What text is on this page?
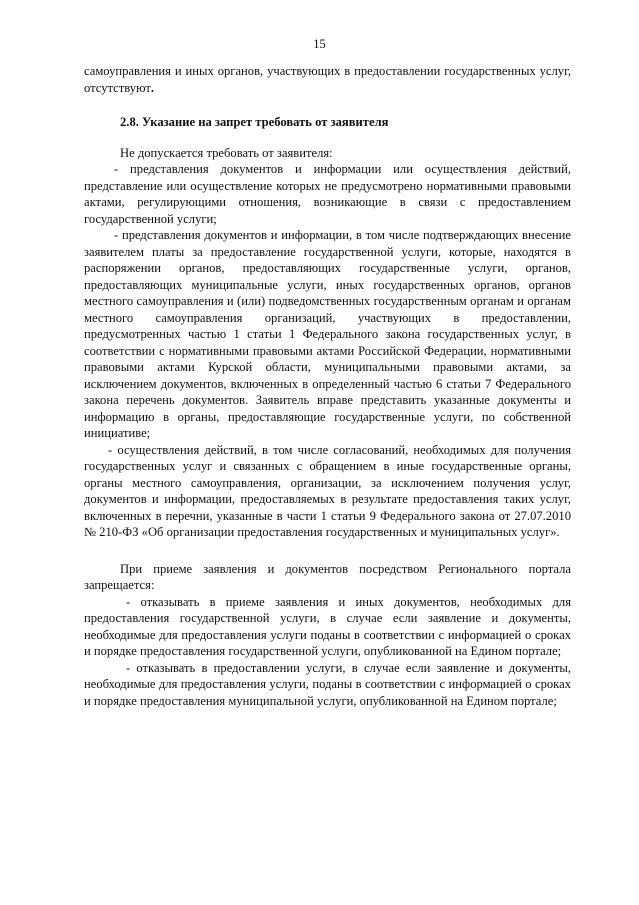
15

самоуправления и иных органов, участвующих в предоставлении государственных услуг, отсутствуют.

2.8. Указание на запрет требовать от заявителя

Не допускается требовать от заявителя:

- представления документов и информации или осуществления действий, представление или осуществление которых не предусмотрено нормативными правовыми актами, регулирующими отношения, возникающие в связи с предоставлением государственной услуги;

- представления документов и информации, в том числе подтверждающих внесение заявителем платы за предоставление государственной услуги, которые, находятся в распоряжении органов, предоставляющих государственные услуги, органов, предоставляющих муниципальные услуги, иных государственных органов, органов местного самоуправления и (или) подведомственных государственным органам и органам местного самоуправления организаций, участвующих в предоставлении, предусмотренных частью 1 статьи 1 Федерального закона государственных услуг, в соответствии с нормативными правовыми актами Российской Федерации, нормативными правовыми актами Курской области, муниципальными правовыми актами, за исключением документов, включенных в определенный частью 6 статьи 7 Федерального закона перечень документов. Заявитель вправе представить указанные документы и информацию в органы, предоставляющие государственные услуги, по собственной инициативе;

- осуществления действий, в том числе согласований, необходимых для получения государственных услуг и связанных с обращением в иные государственные органы, органы местного самоуправления, организации, за исключением получения услуг, документов и информации, предоставляемых в результате предоставления таких услуг, включенных в перечни, указанные в части 1 статьи 9 Федерального закона от 27.07.2010 № 210-ФЗ «Об организации предоставления государственных и муниципальных услуг».

При приеме заявления и документов посредством Регионального портала запрещается:

- отказывать в приеме заявления и иных документов, необходимых для предоставления государственной услуги, в случае если заявление и документы, необходимые для предоставления услуги поданы в соответствии с информацией о сроках и порядке предоставления государственной услуги, опубликованной на Едином портале;

- отказывать в предоставлении услуги, в случае если заявление и документы, необходимые для предоставления услуги, поданы в соответствии с информацией о сроках и порядке предоставления муниципальной услуги, опубликованной на Едином портале;
